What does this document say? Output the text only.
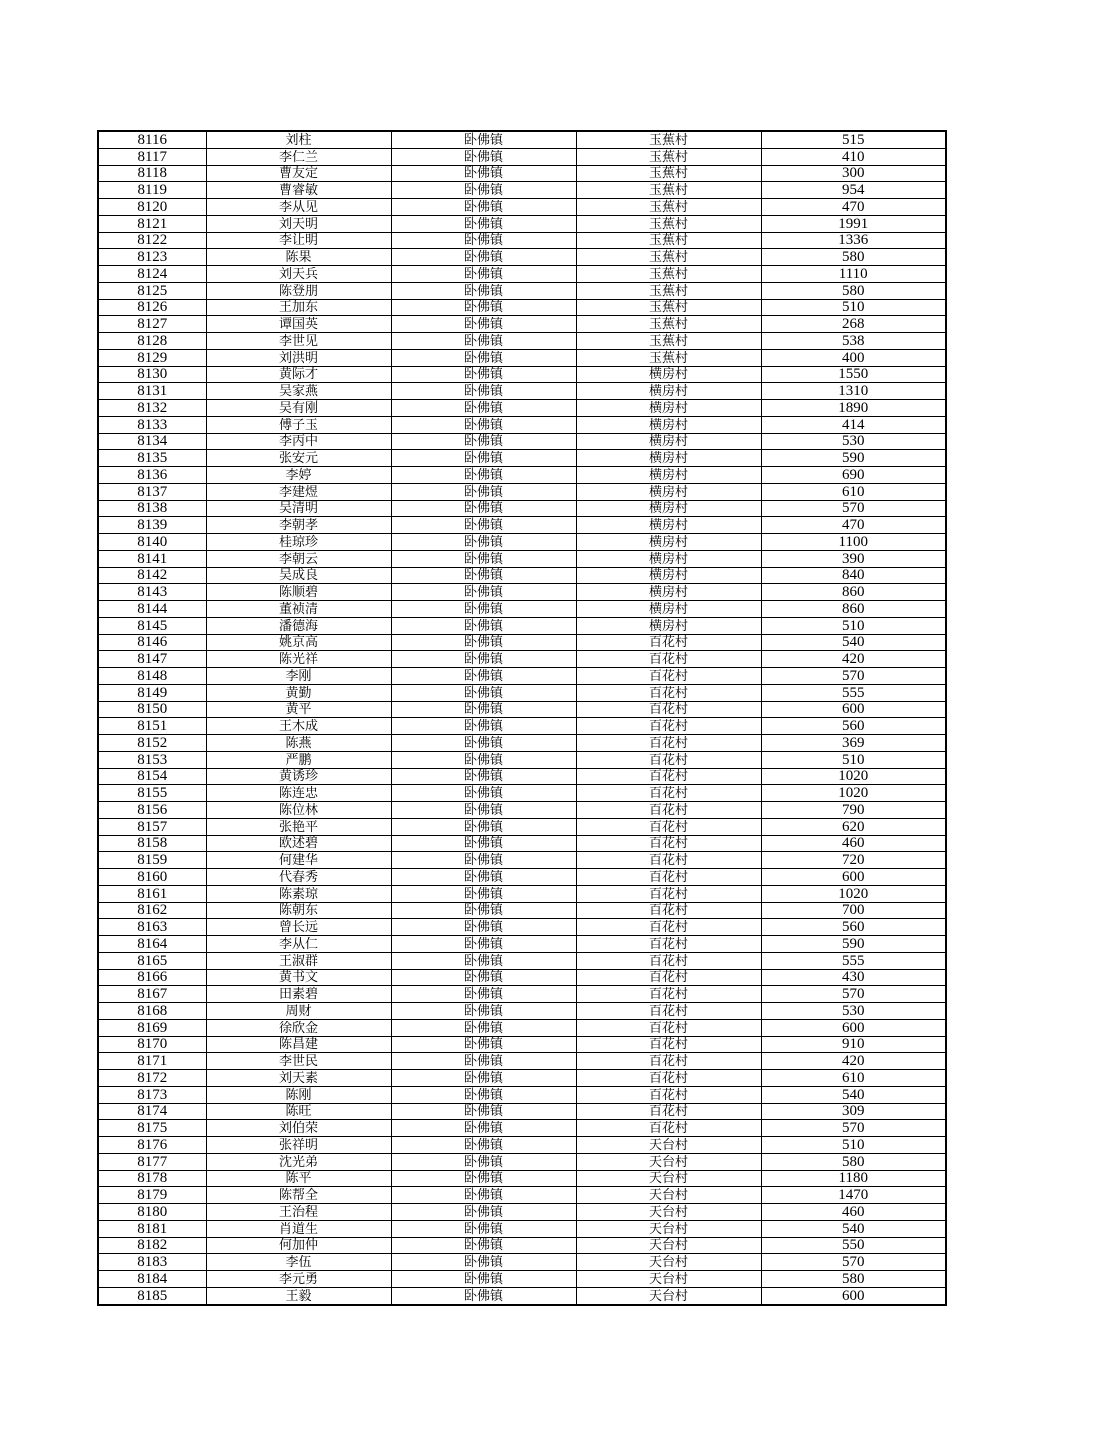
8116	刘柱	卧佛镇	玉蕉村	515
8117	李仁兰	卧佛镇	玉蕉村	410
8118	曹友定	卧佛镇	玉蕉村	300
8119	曹睿敏	卧佛镇	玉蕉村	954
8120	李从见	卧佛镇	玉蕉村	470
8121	刘天明	卧佛镇	玉蕉村	1991
8122	李让明	卧佛镇	玉蕉村	1336
8123	陈果	卧佛镇	玉蕉村	580
8124	刘天兵	卧佛镇	玉蕉村	1110
8125	陈登朋	卧佛镇	玉蕉村	580
8126	王加东	卧佛镇	玉蕉村	510
8127	谭国英	卧佛镇	玉蕉村	268
8128	李世见	卧佛镇	玉蕉村	538
8129	刘洪明	卧佛镇	玉蕉村	400
8130	黄际才	卧佛镇	横房村	1550
8131	吴家燕	卧佛镇	横房村	1310
8132	吴有刚	卧佛镇	横房村	1890
8133	傅子玉	卧佛镇	横房村	414
8134	李丙中	卧佛镇	横房村	530
8135	张安元	卧佛镇	横房村	590
8136	李婷	卧佛镇	横房村	690
8137	李建煜	卧佛镇	横房村	610
8138	吴清明	卧佛镇	横房村	570
8139	李朝孝	卧佛镇	横房村	470
8140	桂琼珍	卧佛镇	横房村	1100
8141	李朝云	卧佛镇	横房村	390
8142	吴成良	卧佛镇	横房村	840
8143	陈顺碧	卧佛镇	横房村	860
8144	董祯清	卧佛镇	横房村	860
8145	潘德海	卧佛镇	横房村	510
8146	姚京高	卧佛镇	百花村	540
8147	陈光祥	卧佛镇	百花村	420
8148	李刚	卧佛镇	百花村	570
8149	黄勤	卧佛镇	百花村	555
8150	黄平	卧佛镇	百花村	600
8151	王木成	卧佛镇	百花村	560
8152	陈燕	卧佛镇	百花村	369
8153	严鹏	卧佛镇	百花村	510
8154	黄诱珍	卧佛镇	百花村	1020
8155	陈连忠	卧佛镇	百花村	1020
8156	陈位林	卧佛镇	百花村	790
8157	张艳平	卧佛镇	百花村	620
8158	欧述碧	卧佛镇	百花村	460
8159	何建华	卧佛镇	百花村	720
8160	代春秀	卧佛镇	百花村	600
8161	陈素琼	卧佛镇	百花村	1020
8162	陈朝东	卧佛镇	百花村	700
8163	曾长远	卧佛镇	百花村	560
8164	李从仁	卧佛镇	百花村	590
8165	王淑群	卧佛镇	百花村	555
8166	黄书文	卧佛镇	百花村	430
8167	田素碧	卧佛镇	百花村	570
8168	周财	卧佛镇	百花村	530
8169	徐欣金	卧佛镇	百花村	600
8170	陈昌建	卧佛镇	百花村	910
8171	李世民	卧佛镇	百花村	420
8172	刘天素	卧佛镇	百花村	610
8173	陈刚	卧佛镇	百花村	540
8174	陈旺	卧佛镇	百花村	309
8175	刘伯荣	卧佛镇	百花村	570
8176	张祥明	卧佛镇	天台村	510
8177	沈光弟	卧佛镇	天台村	580
8178	陈平	卧佛镇	天台村	1180
8179	陈帮全	卧佛镇	天台村	1470
8180	王治程	卧佛镇	天台村	460
8181	肖道生	卧佛镇	天台村	540
8182	何加仲	卧佛镇	天台村	550
8183	李伍	卧佛镇	天台村	570
8184	李元勇	卧佛镇	天台村	580
8185	王毅	卧佛镇	天台村	600
